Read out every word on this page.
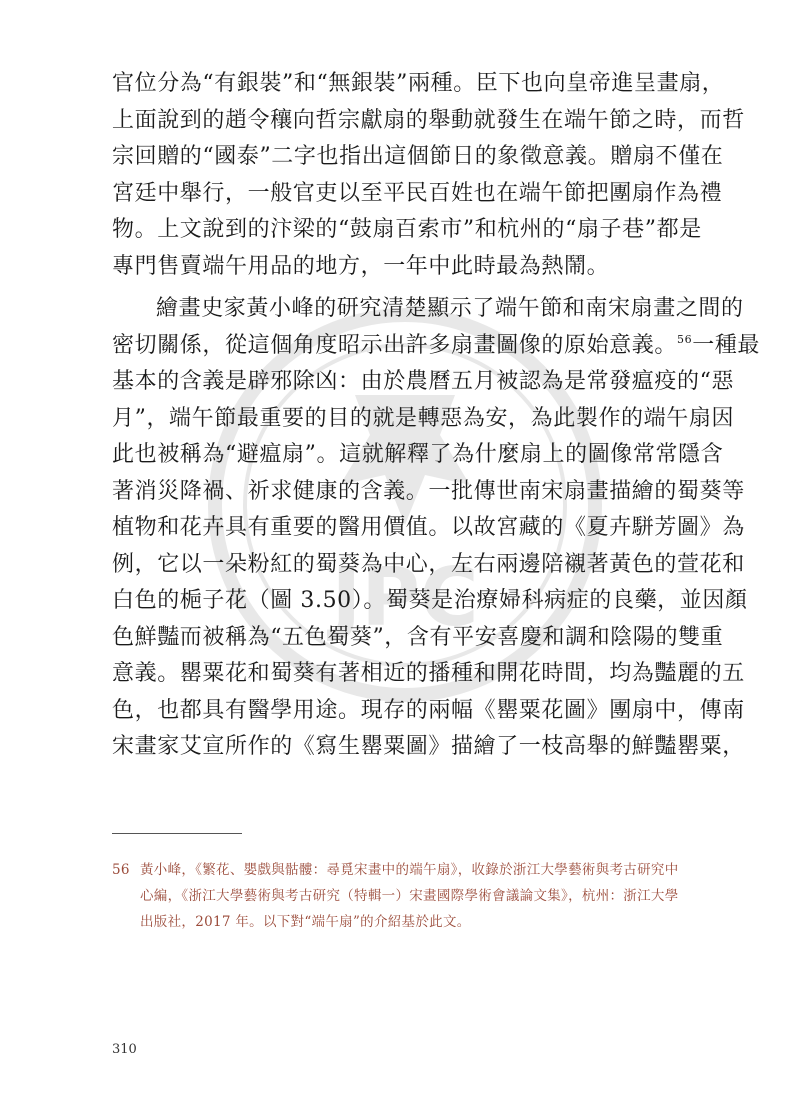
JPC

官位分為“有銀裝”和“無銀裝”兩種。臣下也向皇帝進呈畫扇，

上面說到的趙令穰向哲宗獻扇的舉動就發生在端午節之時，而哲

宗回贈的“國泰”二字也指出這個節日的象徵意義。贈扇不僅在

宮廷中舉行，一般官吏以至平民百姓也在端午節把團扇作為禮

物。上文說到的汴梁的“鼓扇百索市”和杭州的“扇子巷”都是

專門售賣端午用品的地方，一年中此時最為熱鬧。

繪畫史家黃小峰的研究清楚顯示了端午節和南宋扇畫之間的

密切關係，從這個角度昭示出許多扇畫圖像的原始意義。$^{56}$一種最

基本的含義是辟邪除凶：由於農曆五月被認為是常發瘟疫的“惡

月”，端午節最重要的目的就是轉惡為安，為此製作的端午扇因

此也被稱為“避瘟扇”。這就解釋了為什麼扇上的圖像常常隱含

著消災降禍、祈求健康的含義。一批傳世南宋扇畫描繪的蜀葵等

植物和花卉具有重要的醫用價值。以故宮藏的《夏卉駢芳圖》為

例，它以一朵粉紅的蜀葵為中心，左右兩邊陪襯著黃色的萱花和

白色的梔子花（圖 3.50）。蜀葵是治療婦科病症的良藥，並因顏

色鮮豔而被稱為“五色蜀葵”，含有平安喜慶和調和陰陽的雙重

意義。罌粟花和蜀葵有著相近的播種和開花時間，均為豔麗的五

色，也都具有醫學用途。現存的兩幅《罌粟花圖》團扇中，傳南

宋畫家艾宣所作的《寫生罌粟圖》描繪了一枝高舉的鮮豔罌粟，

56 黃小峰，《繁花、嬰戲與骷髏：尋覓宋畫中的端午扇》，收錄於浙江大學藝術與考古研究中
心編，《浙江大學藝術與考古研究（特輯一）宋畫國際學術會議論文集》，杭州：浙江大學
出版社，2017 年。以下對“端午扇”的介紹基於此文。
310
